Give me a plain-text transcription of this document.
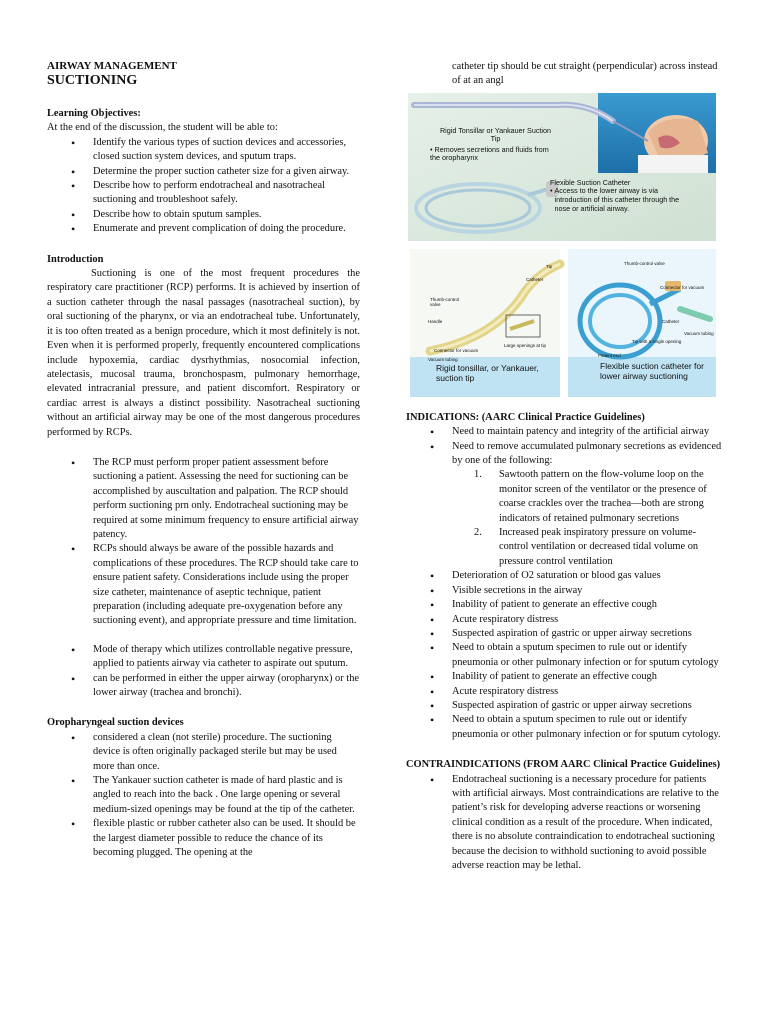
AIRWAY MANAGEMENT

SUCTIONING

Learning Objectives:

At the end of the discussion, the student will be able to:

• Identify the various types of suction devices and accessories, closed suction system devices, and sputum traps.
• Determine the proper suction catheter size for a given airway.
• Describe how to perform endotracheal and nasotracheal suctioning and troubleshoot safely.
• Describe how to obtain sputum samples.
• Enumerate and prevent complication of doing the procedure.

Introduction

Suctioning is one of the most frequent procedures the respiratory care practitioner (RCP) performs. It is achieved by insertion of a suction catheter through the nasal passages (nasotracheal suction), by oral suctioning of the pharynx, or via an endotracheal tube. Unfortunately, it is too often treated as a benign procedure, which it most definitely is not. Even when it is performed properly, frequently encountered complications include hypoxemia, cardiac dysrhythmias, nosocomial infection, atelectasis, mucosal trauma, bronchospasm, pulmonary hemorrhage, elevated intracranial pressure, and patient discomfort. Respiratory or cardiac arrest is always a distinct possibility. Nasotracheal suctioning without an artificial airway may be one of the most dangerous procedures performed by RCPs.

• The RCP must perform proper patient assessment before suctioning a patient. Assessing the need for suctioning can be accomplished by auscultation and palpation. The RCP should perform suctioning prn only. Endotracheal suctioning may be required at some minimum frequency to ensure artificial airway patency.
• RCPs should always be aware of the possible hazards and complications of these procedures. The RCP should take care to ensure patient safety. Considerations include using the proper size catheter, maintenance of aseptic technique, patient preparation (including adequate pre-oxygenation before any suctioning event), and appropriate pressure and time limitation.
• Mode of therapy which utilizes controllable negative pressure, applied to patients airway via catheter to aspirate out sputum.
• can be performed in either the upper airway (oropharynx) or the lower airway (trachea and bronchi).

Oropharyngeal suction devices

• considered a clean (not sterile) procedure. The suctioning device is often originally packaged sterile but may be used more than once.
• The Yankauer suction catheter is made of hard plastic and is angled to reach into the back . One large opening or several medium-sized openings may be found at the tip of the catheter.
• flexible plastic or rubber catheter also can be used. It should be the largest diameter possible to reduce the chance of its becoming plugged. The opening at the

catheter tip should be cut straight (perpendicular) across instead of at an angl

Rigid Tonsillar or Yankauer Suction Tip
• Removes secretions and fluids from the oropharynx
Flexible Suction Catheter
• Access to the lower airway is via introduction of this catheter through the nose or artificial airway.
Tip
Catheter
Thumb-control valve
Handle
Connector for vacuum
Vacuum tubing
Large openings at tip
Thumb-control valve
Connector for vacuum
Catheter
Vacuum tubing
Tip with a single opening
Patient end
Rigid tonsillar, or Yankauer, suction tip
Flexible suction catheter for lower airway suctioning

INDICATIONS: (AARC Clinical Practice Guidelines)

• Need to maintain patency and integrity of the artificial airway
• Need to remove accumulated pulmonary secretions as evidenced by one of the following:
1. Sawtooth pattern on the flow-volume loop on the monitor screen of the ventilator or the presence of coarse crackles over the trachea—both are strong indicators of retained pulmonary secretions
2. Increased peak inspiratory pressure on volume-control ventilation or decreased tidal volume on pressure control ventilation
• Deterioration of O2 saturation or blood gas values
• Visible secretions in the airway
• Inability of patient to generate an effective cough
• Acute respiratory distress
• Suspected aspiration of gastric or upper airway secretions
• Need to obtain a sputum specimen to rule out or identify pneumonia or other pulmonary infection or for sputum cytology
• Inability of patient to generate an effective cough
• Acute respiratory distress
• Suspected aspiration of gastric or upper airway secretions
• Need to obtain a sputum specimen to rule out or identify pneumonia or other pulmonary infection or for sputum cytology.

CONTRAINDICATIONS (FROM AARC Clinical Practice Guidelines)

• Endotracheal suctioning is a necessary procedure for patients with artificial airways. Most contraindications are relative to the patient’s risk for developing adverse reactions or worsening clinical condition as a result of the procedure. When indicated, there is no absolute contraindication to endotracheal suctioning because the decision to withhold suctioning to avoid possible adverse reaction may be lethal.
